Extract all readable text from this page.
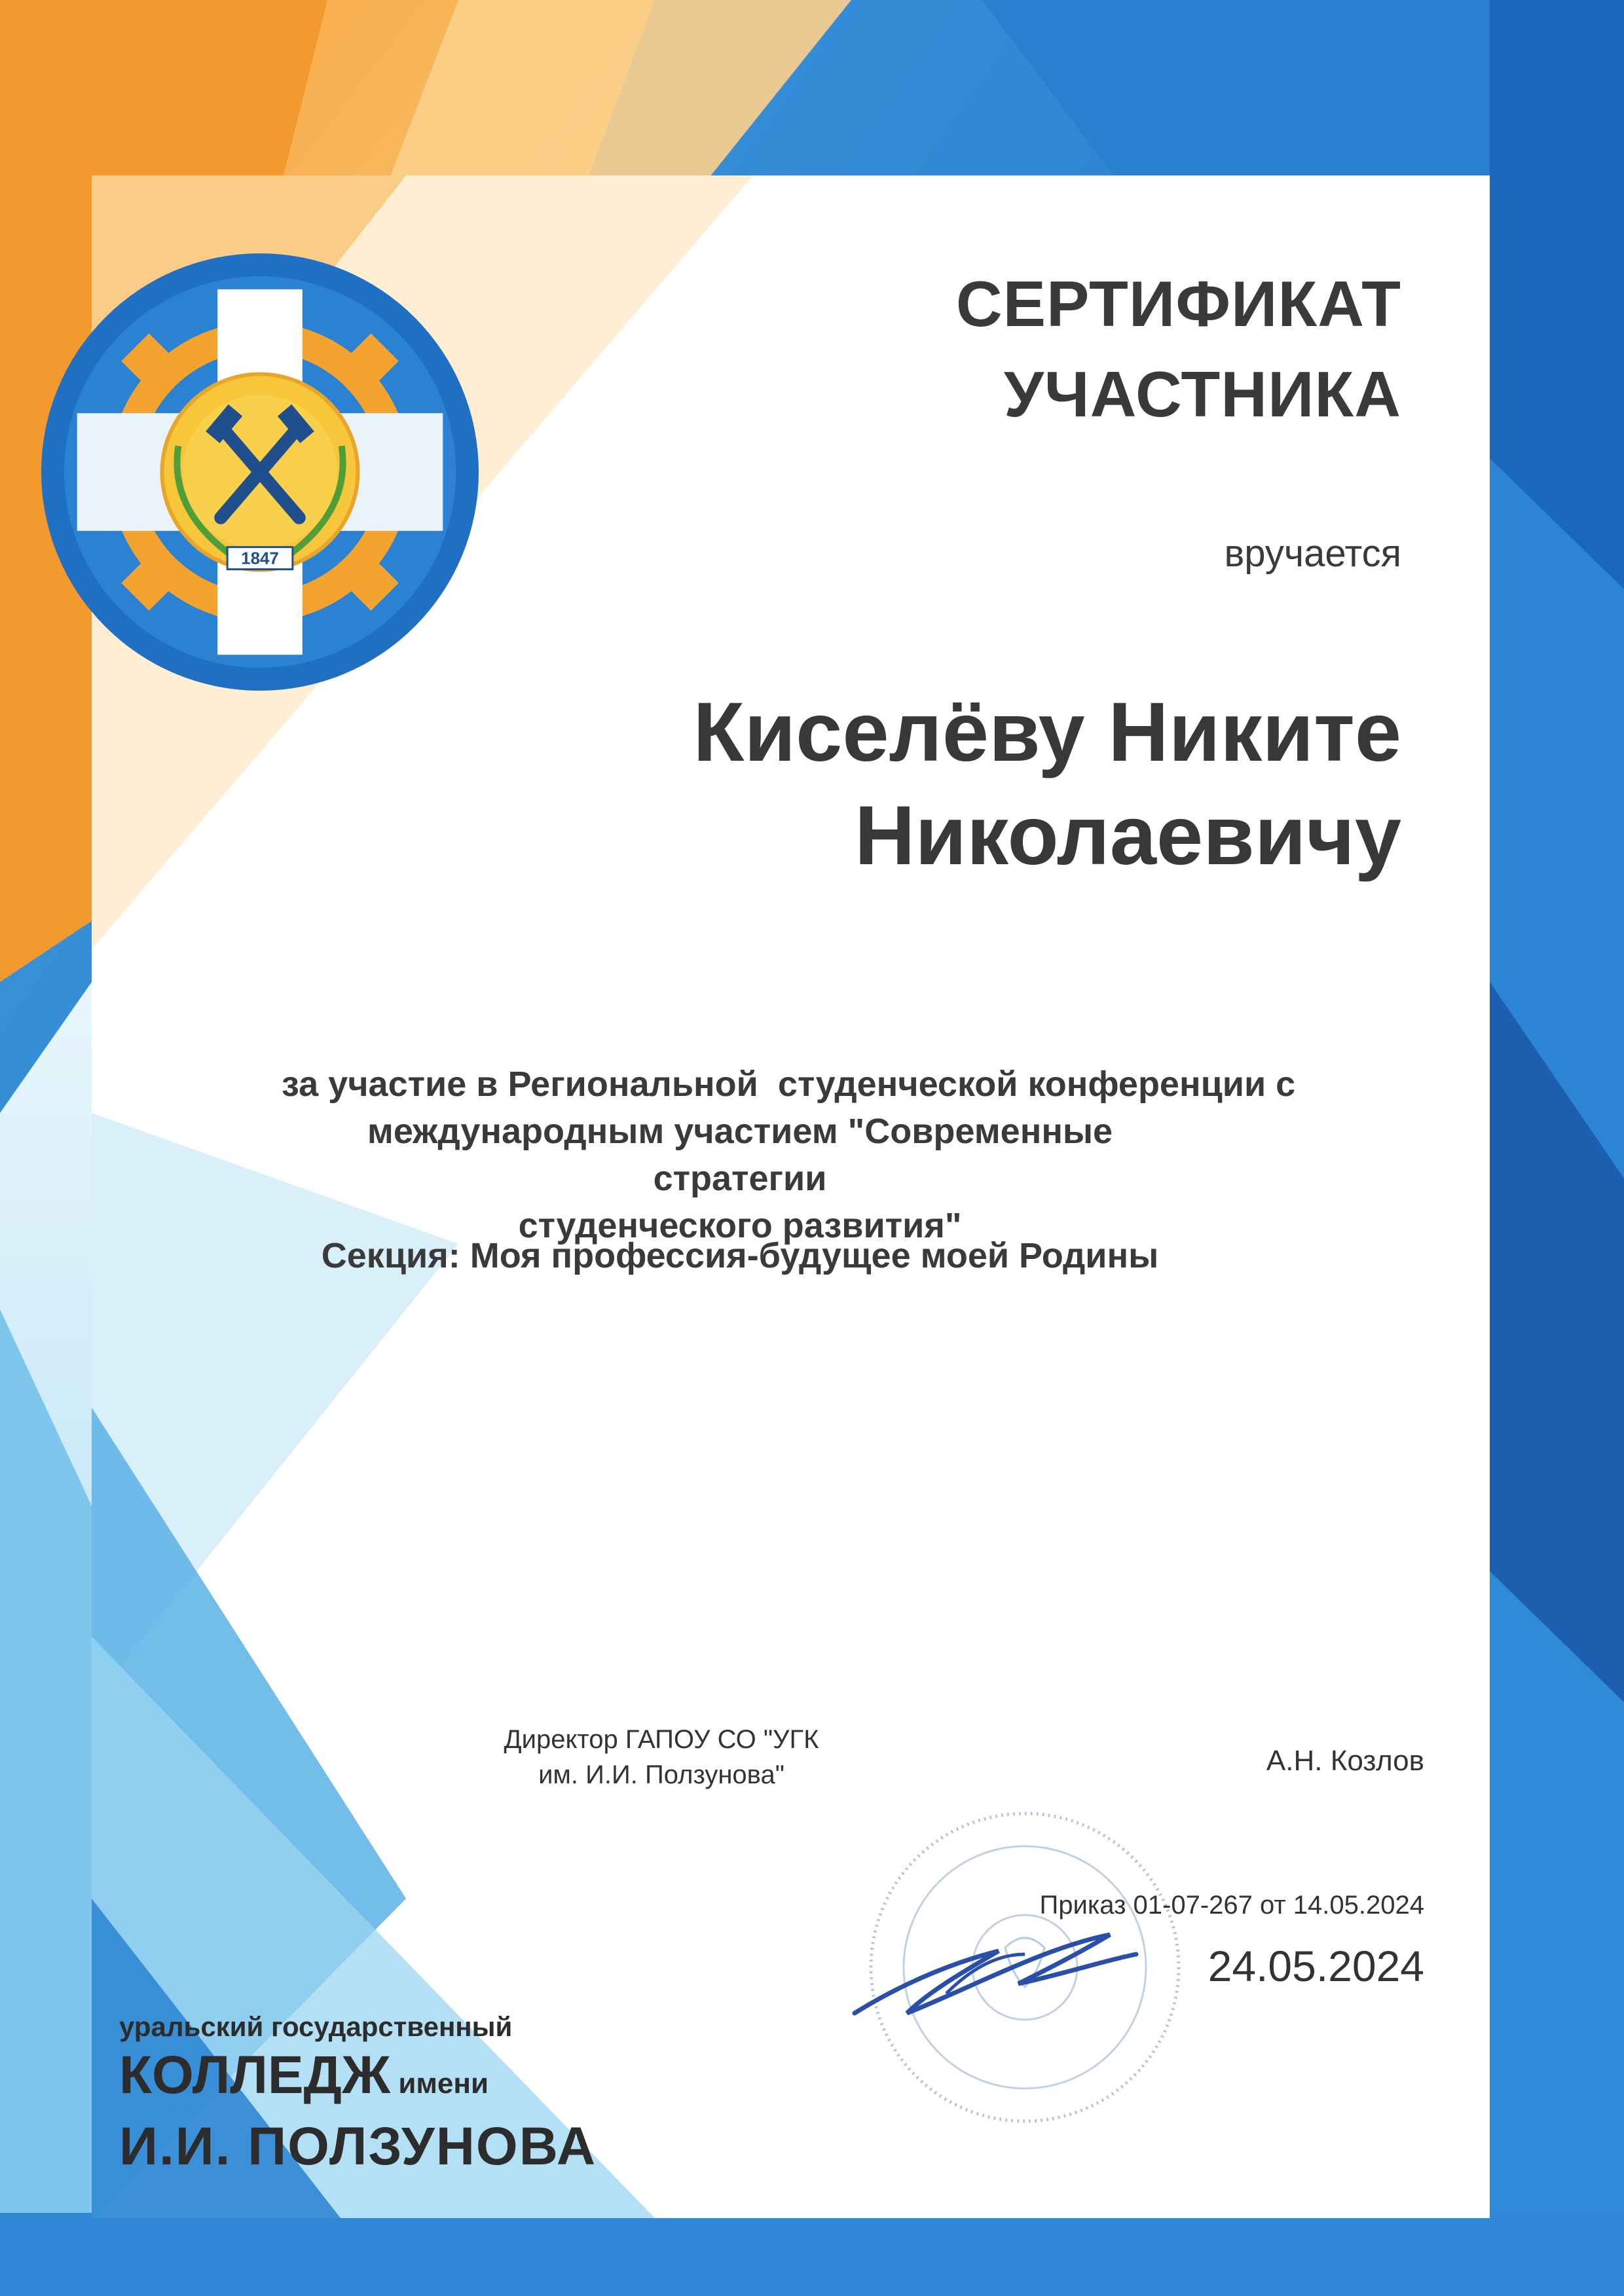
1847
СЕРТИФИКАТ
УЧАСТНИКА
вручается
Киселёву Никите
Николаевичу
за участие в Региональной  студенческой конференции с
международным участием "Современные стратегии
студенческого развития"
Секция: Моя профессия-будущее моей Родины
Директор ГАПОУ СО "УГК
им. И.И. Ползунова"	А.Н. Козлов
Приказ 01-07-267 от 14.05.2024
24.05.2024
уральский государственный
КОЛЛЕДЖ имени
И.И. ПОЛЗУНОВА
